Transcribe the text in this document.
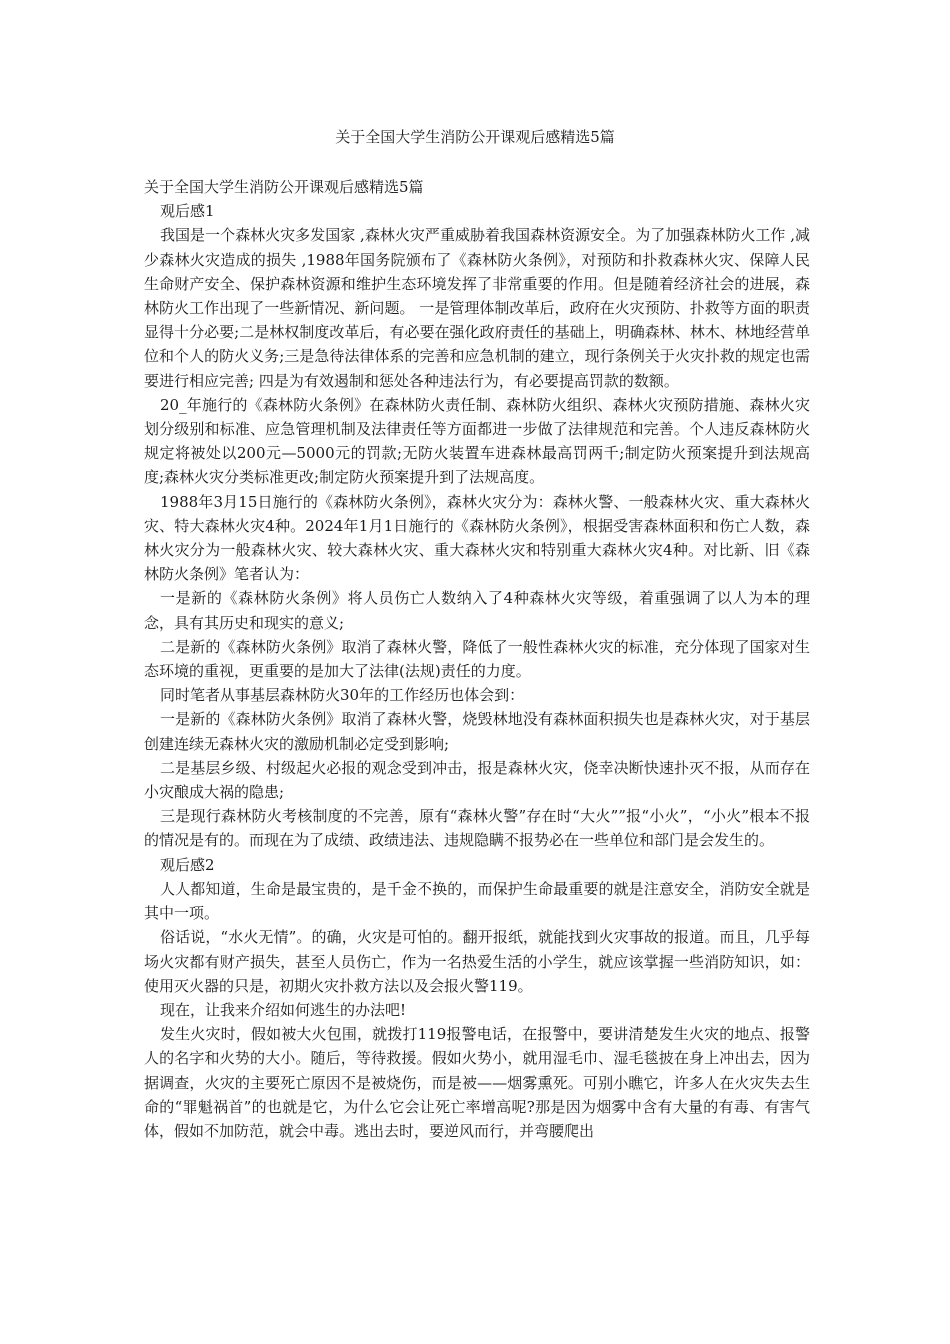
关于全国大学生消防公开课观后感精选5篇

关于全国大学生消防公开课观后感精选5篇

观后感1

我国是一个森林火灾多发国家 ,森林火灾严重威胁着我国森林资源安全。为了加强森林防火工作 ,减少森林火灾造成的损失 ,1988年国务院颁布了《森林防火条例》，对预防和扑救森林火灾、保障人民生命财产安全、保护森林资源和维护生态环境发挥了非常重要的作用。但是随着经济社会的进展，森林防火工作出现了一些新情况、新问题。 一是管理体制改革后，政府在火灾预防、扑救等方面的职责显得十分必要;二是林权制度改革后，有必要在强化政府责任的基础上，明确森林、林木、林地经营单位和个人的防火义务;三是急待法律体系的完善和应急机制的建立，现行条例关于火灾扑救的规定也需要进行相应完善; 四是为有效遏制和惩处各种违法行为，有必要提高罚款的数额。

20_年施行的《森林防火条例》在森林防火责任制、森林防火组织、森林火灾预防措施、森林火灾划分级别和标准、应急管理机制及法律责任等方面都进一步做了法律规范和完善。个人违反森林防火规定将被处以200元—5000元的罚款;无防火装置车进森林最高罚两千;制定防火预案提升到法规高度;森林火灾分类标准更改;制定防火预案提升到了法规高度。

1988年3月15日施行的《森林防火条例》，森林火灾分为：森林火警、一般森林火灾、重大森林火灾、特大森林火灾4种。2024年1月1日施行的《森林防火条例》，根据受害森林面积和伤亡人数，森林火灾分为一般森林火灾、较大森林火灾、重大森林火灾和特别重大森林火灾4种。对比新、旧《森林防火条例》笔者认为：

一是新的《森林防火条例》将人员伤亡人数纳入了4种森林火灾等级，着重强调了以人为本的理念，具有其历史和现实的意义;

二是新的《森林防火条例》取消了森林火警，降低了一般性森林火灾的标准，充分体现了国家对生态环境的重视，更重要的是加大了法律(法规)责任的力度。

同时笔者从事基层森林防火30年的工作经历也体会到：

一是新的《森林防火条例》取消了森林火警，烧毁林地没有森林面积损失也是森林火灾，对于基层创建连续无森林火灾的激励机制必定受到影响;

二是基层乡级、村级起火必报的观念受到冲击，报是森林火灾，侥幸决断快速扑灭不报，从而存在小灾酿成大祸的隐患;

三是现行森林防火考核制度的不完善，原有“森林火警”存在时“大火””报“小火”，“小火”根本不报的情况是有的。而现在为了成绩、政绩违法、违规隐瞒不报势必在一些单位和部门是会发生的。

观后感2

人人都知道，生命是最宝贵的，是千金不换的，而保护生命最重要的就是注意安全，消防安全就是其中一项。

俗话说，“水火无情”。的确，火灾是可怕的。翻开报纸，就能找到火灾事故的报道。而且，几乎每场火灾都有财产损失，甚至人员伤亡，作为一名热爱生活的小学生，就应该掌握一些消防知识，如：使用灭火器的只是，初期火灾扑救方法以及会报火警119。

现在，让我来介绍如何逃生的办法吧!

发生火灾时，假如被大火包围，就拨打119报警电话，在报警中，要讲清楚发生火灾的地点、报警人的名字和火势的大小。随后，等待救援。假如火势小，就用湿毛巾、湿毛毯披在身上冲出去，因为据调查，火灾的主要死亡原因不是被烧伤，而是被——烟雾熏死。可别小瞧它，许多人在火灾失去生命的“罪魁祸首”的也就是它，为什么它会让死亡率增高呢?那是因为烟雾中含有大量的有毒、有害气体，假如不加防范，就会中毒。逃出去时，要逆风而行，并弯腰爬出
